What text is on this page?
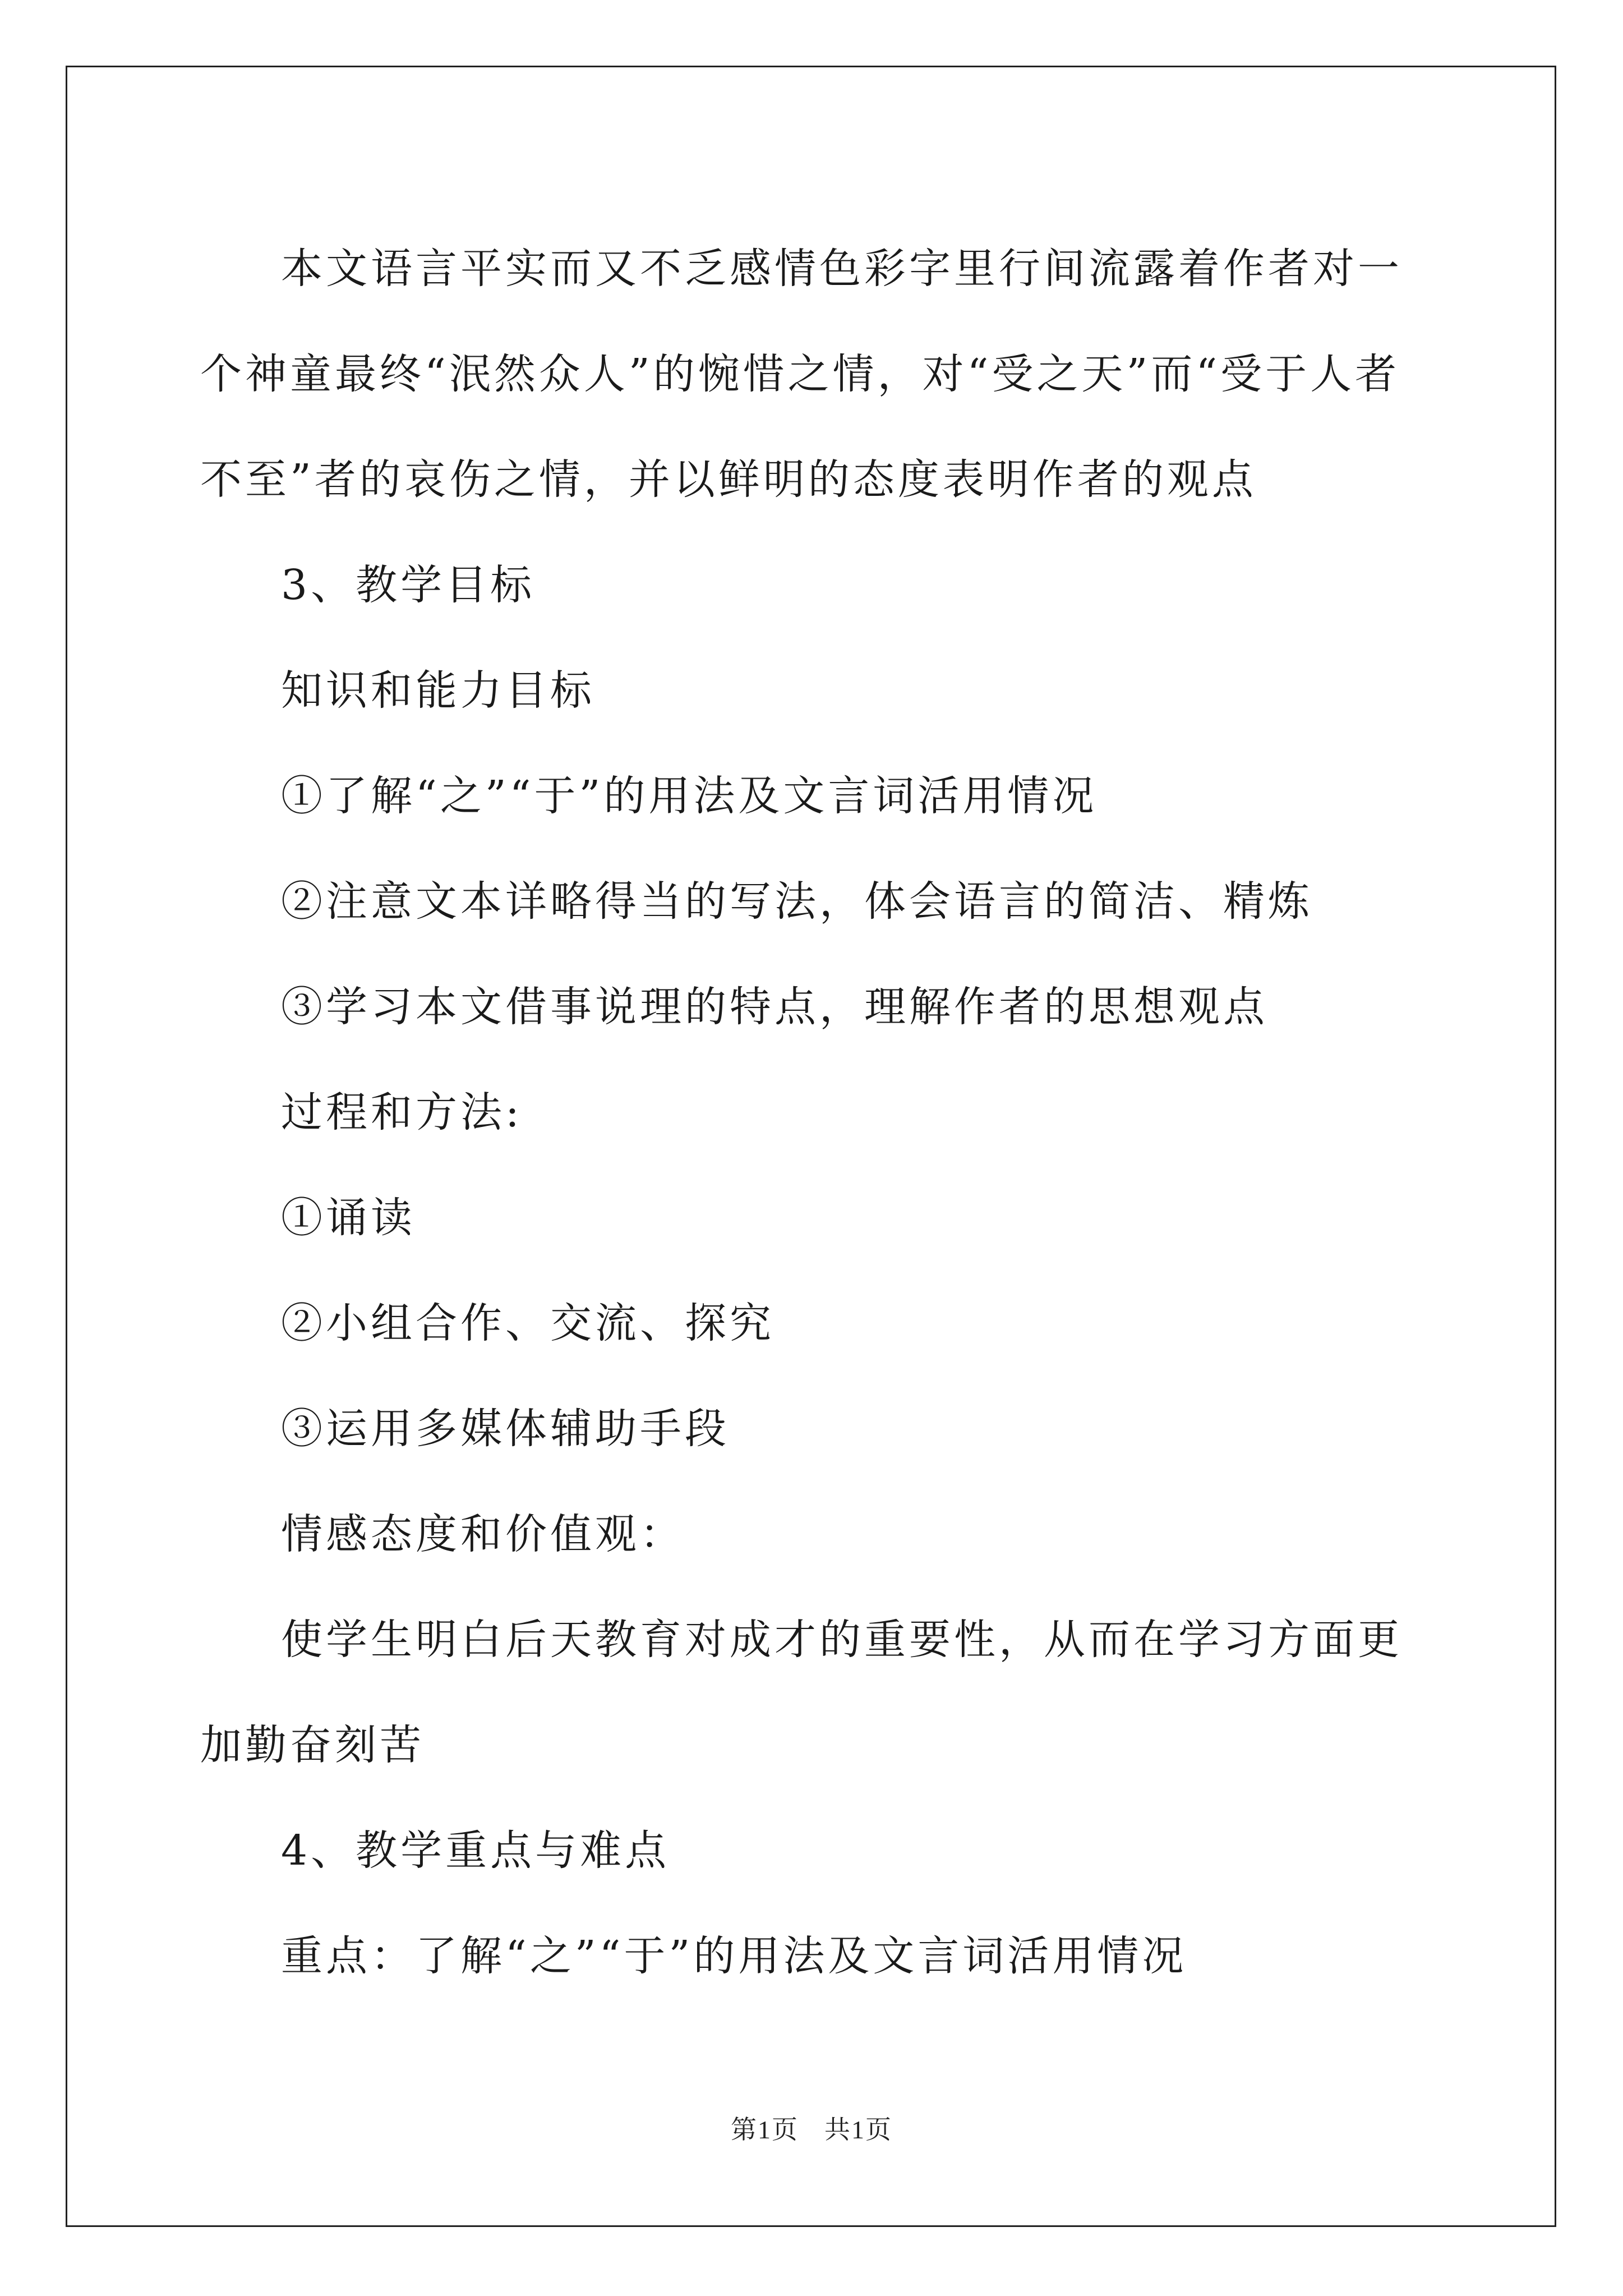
本文语言平实而又不乏感情色彩字里行间流露着作者对一个神童最终“泯然众人”的惋惜之情，对“受之天”而“受于人者不至”者的哀伤之情，并以鲜明的态度表明作者的观点

3、教学目标

知识和能力目标

①了解“之”“于”的用法及文言词活用情况

②注意文本详略得当的写法，体会语言的简洁、精炼

③学习本文借事说理的特点，理解作者的思想观点

过程和方法:

①诵读

②小组合作、交流、探究

③运用多媒体辅助手段

情感态度和价值观：

使学生明白后天教育对成才的重要性，从而在学习方面更加勤奋刻苦

4、教学重点与难点

重点：了解“之”“于”的用法及文言词活用情况

第1页 共1页
